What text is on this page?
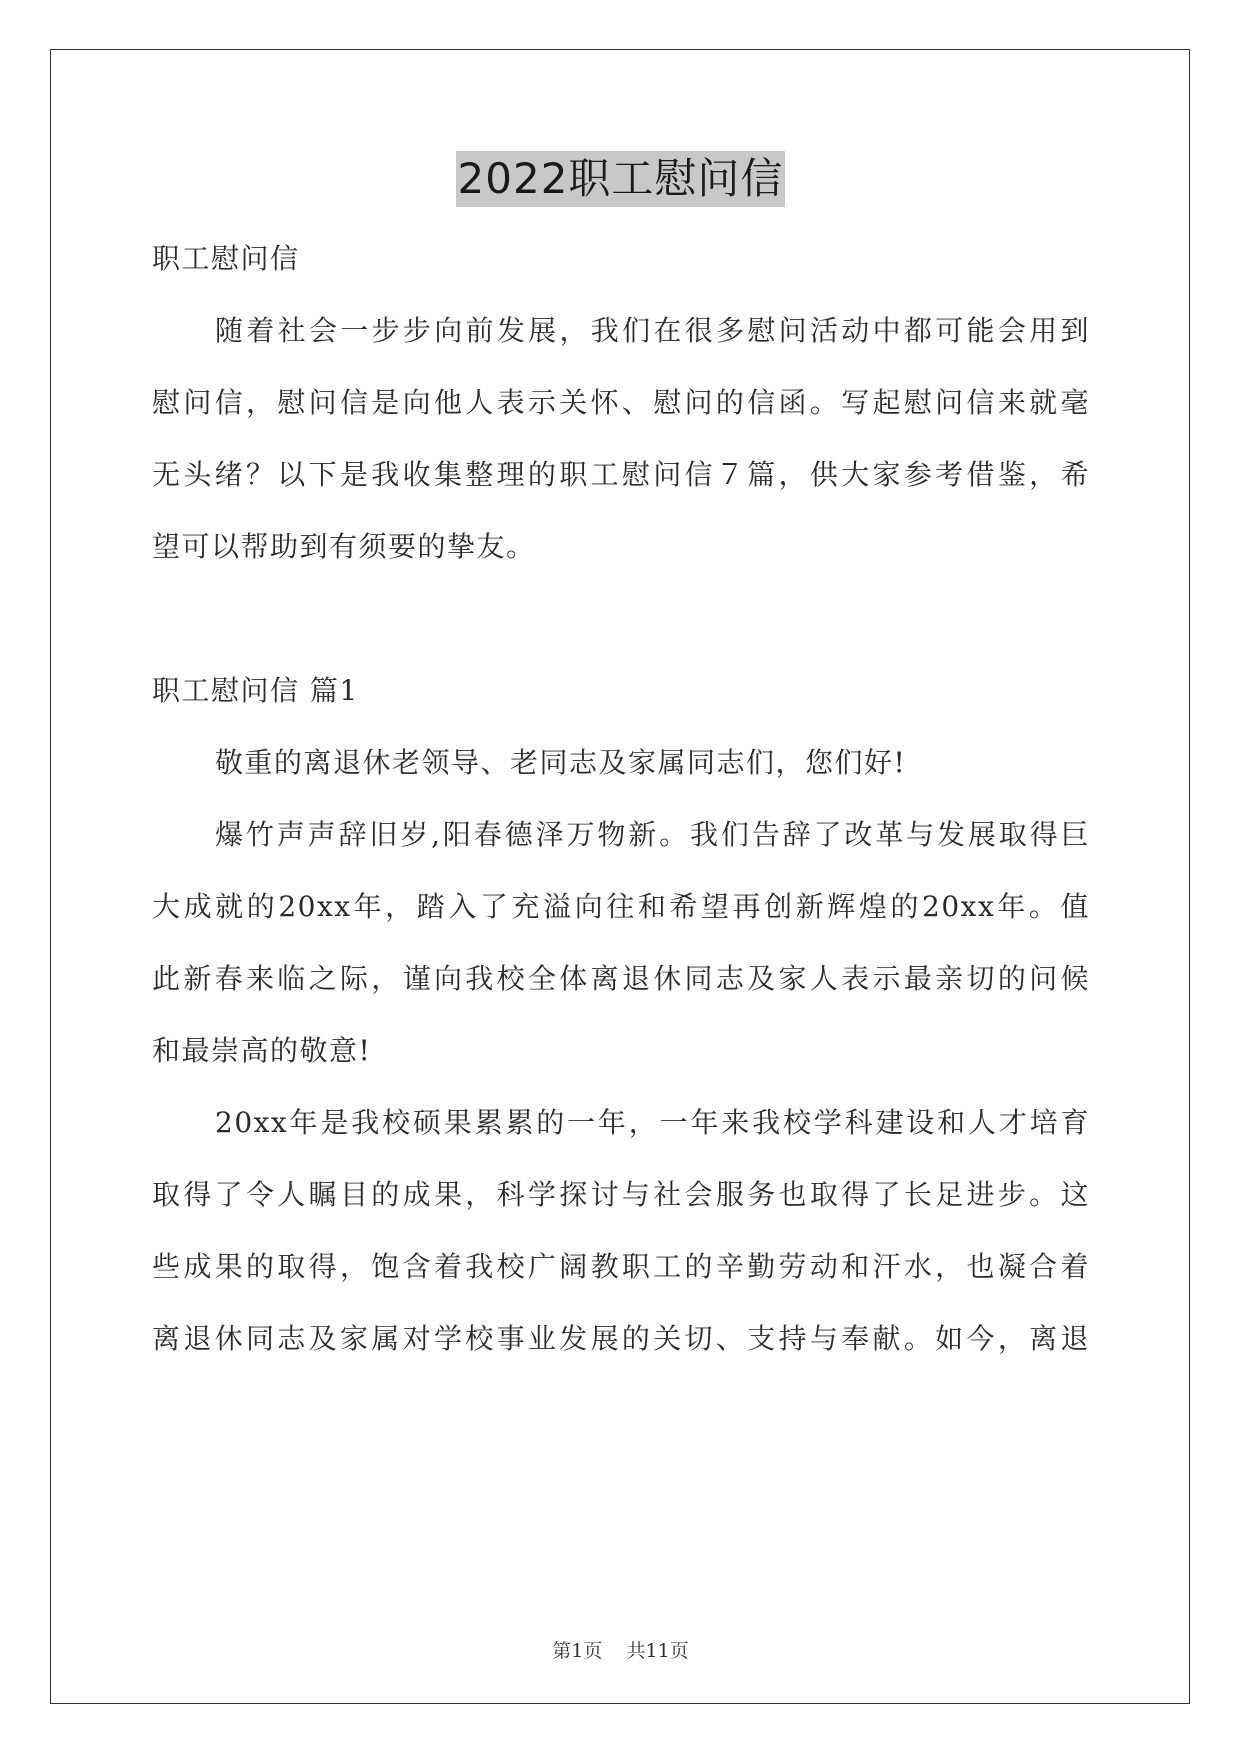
2022职工慰问信
职工慰问信
随着社会一步步向前发展，我们在很多慰问活动中都可能会用到
慰问信，慰问信是向他人表示关怀、慰问的信函。写起慰问信来就毫
无头绪？以下是我收集整理的职工慰问信７篇，供大家参考借鉴，希
望可以帮助到有须要的挚友。
职工慰问信 篇1
敬重的离退休老领导、老同志及家属同志们，您们好!
爆竹声声辞旧岁,阳春德泽万物新。我们告辞了改革与发展取得巨
大成就的20xx年，踏入了充溢向往和希望再创新辉煌的20xx年。值
此新春来临之际，谨向我校全体离退休同志及家人表示最亲切的问候
和最崇高的敬意!
20xx年是我校硕果累累的一年，一年来我校学科建设和人才培育
取得了令人瞩目的成果，科学探讨与社会服务也取得了长足进步。这
些成果的取得，饱含着我校广阔教职工的辛勤劳动和汗水，也凝合着
离退休同志及家属对学校事业发展的关切、支持与奉献。如今，离退
第1页 共11页
